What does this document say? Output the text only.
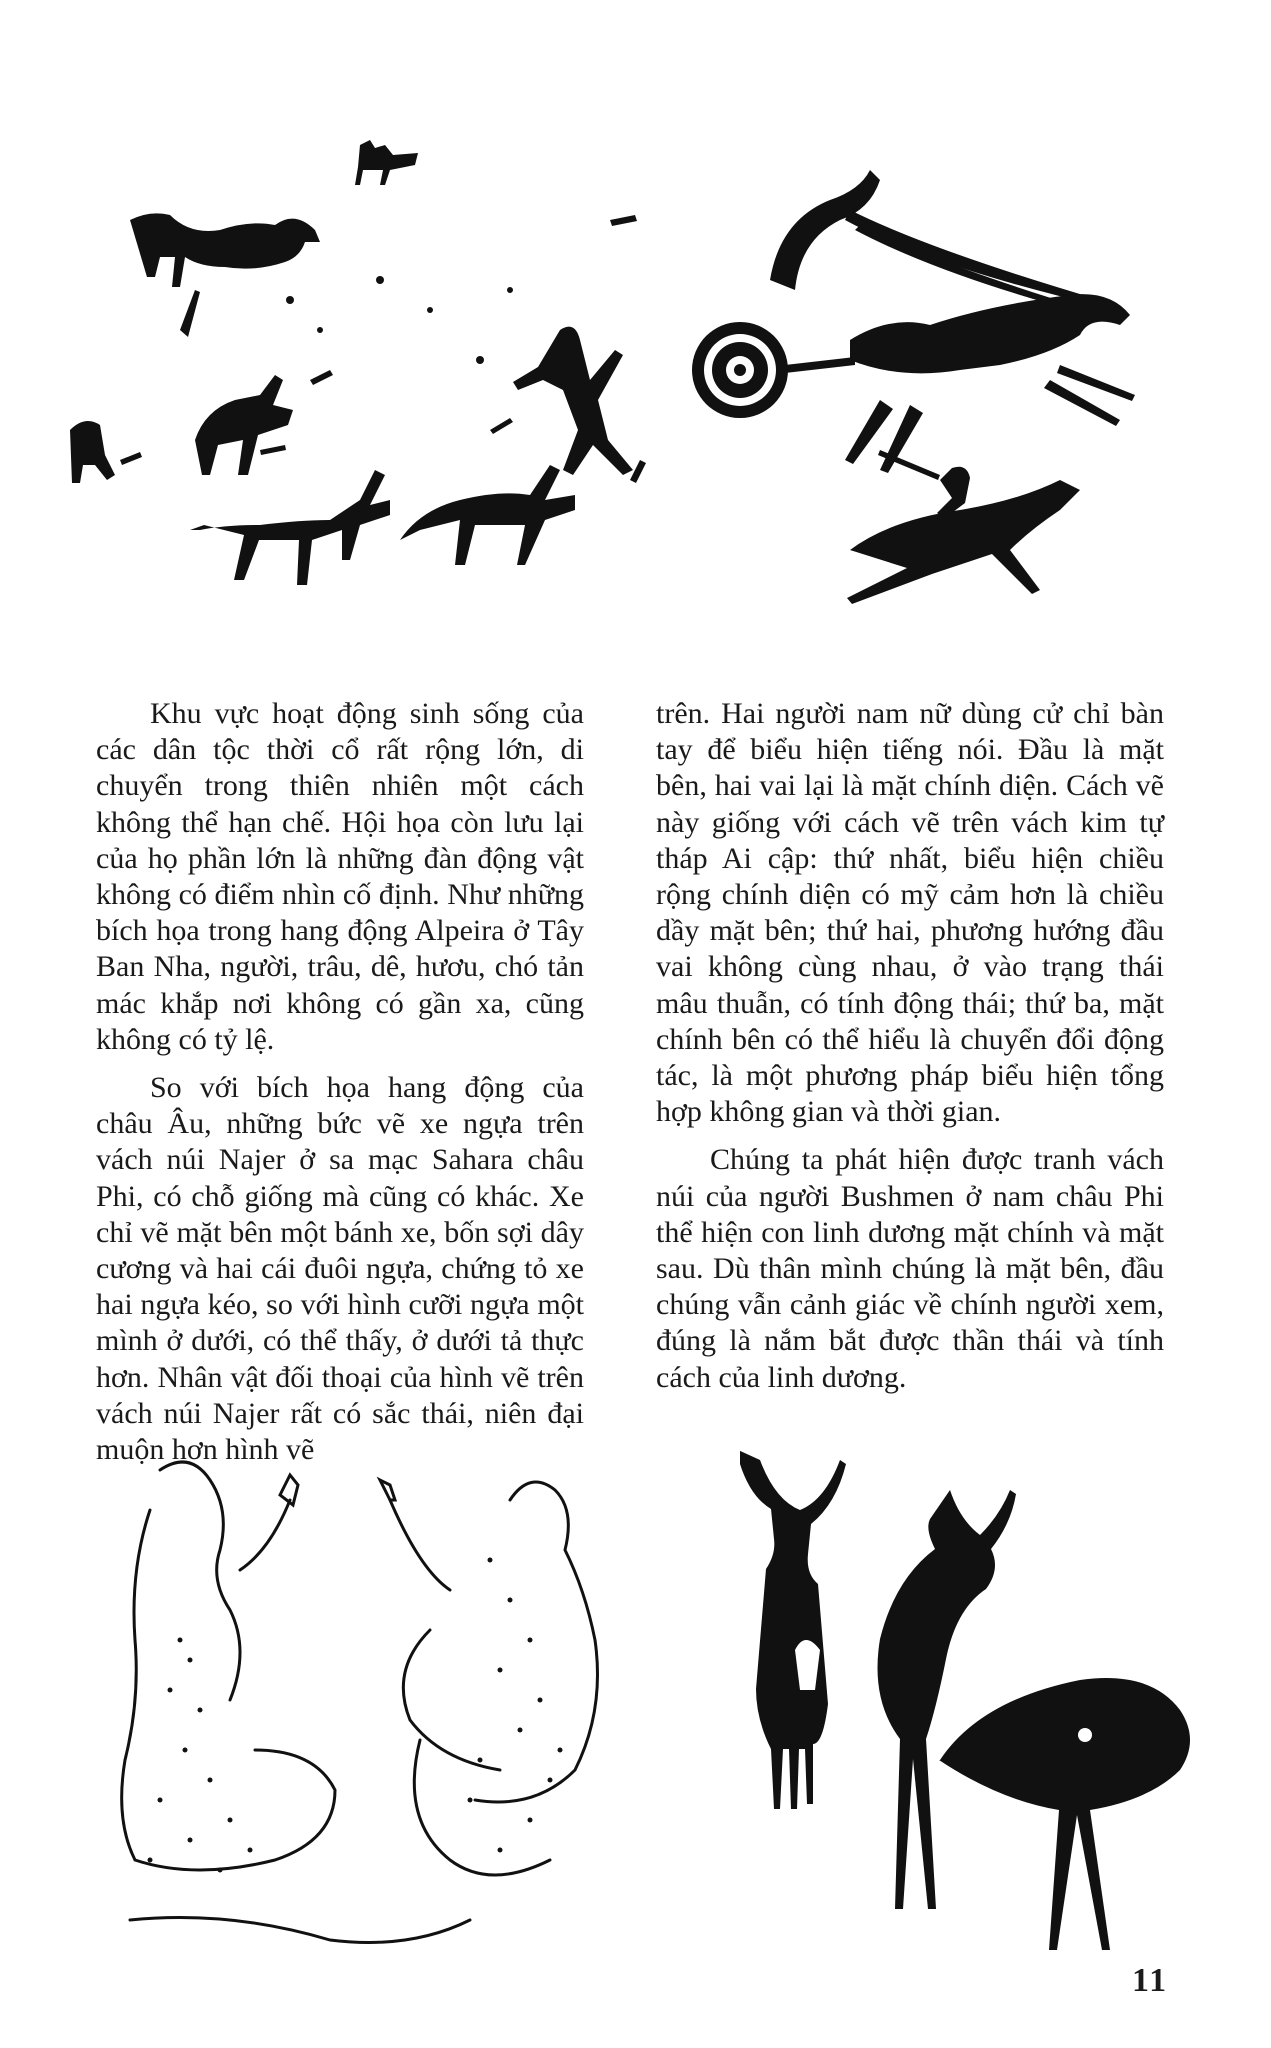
Khu vực hoạt động sinh sống của các dân tộc thời cổ rất rộng lớn, di chuyển trong thiên nhiên một cách không thể hạn chế. Hội họa còn lưu lại của họ phần lớn là những đàn động vật không có điểm nhìn cố định. Như những bích họa trong hang động Alpeira ở Tây Ban Nha, người, trâu, dê, hươu, chó tản mác khắp nơi không có gần xa, cũng không có tỷ lệ.

So với bích họa hang động của châu Âu, những bức vẽ xe ngựa trên vách núi Najer ở sa mạc Sahara châu Phi, có chỗ giống mà cũng có khác. Xe chỉ vẽ mặt bên một bánh xe, bốn sợi dây cương và hai cái đuôi ngựa, chứng tỏ xe hai ngựa kéo, so với hình cưỡi ngựa một mình ở dưới, có thể thấy, ở dưới tả thực hơn. Nhân vật đối thoại của hình vẽ trên vách núi Najer rất có sắc thái, niên đại muộn hơn hình vẽ

trên. Hai người nam nữ dùng cử chỉ bàn tay để biểu hiện tiếng nói. Đầu là mặt bên, hai vai lại là mặt chính diện. Cách vẽ này giống với cách vẽ trên vách kim tự tháp Ai cập: thứ nhất, biểu hiện chiều rộng chính diện có mỹ cảm hơn là chiều dầy mặt bên; thứ hai, phương hướng đầu vai không cùng nhau, ở vào trạng thái mâu thuẫn, có tính động thái; thứ ba, mặt chính bên có thể hiểu là chuyển đổi động tác, là một phương pháp biểu hiện tổng hợp không gian và thời gian.

Chúng ta phát hiện được tranh vách núi của người Bushmen ở nam châu Phi thể hiện con linh dương mặt chính và mặt sau. Dù thân mình chúng là mặt bên, đầu chúng vẫn cảnh giác về chính người xem, đúng là nắm bắt được thần thái và tính cách của linh dương.

11
